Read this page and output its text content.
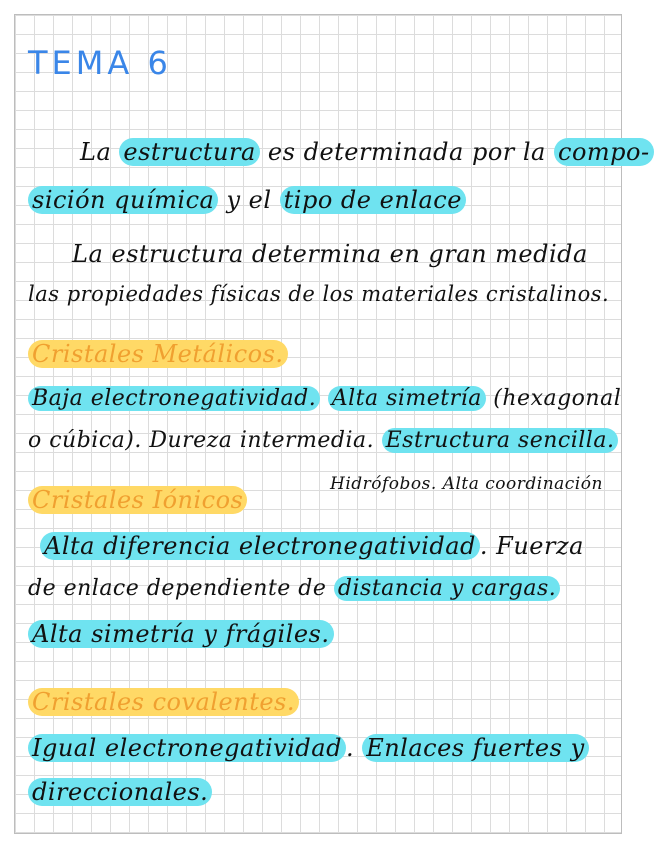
TEMA 6
La estructura es determinada por la compo-
sición química y el tipo de enlace
La estructura determina en gran medida
las propiedades físicas de los materiales cristalinos.
Cristales Metálicos.
Baja electronegatividad. Alta simetría (hexagonal
o cúbica). Dureza intermedia. Estructura sencilla.
Hidrófobos. Alta coordinación
Cristales Iónicos
Alta diferencia electronegatividad . Fuerza
de enlace dependiente de distancia y cargas.
Alta simetría y frágiles.
Cristales covalentes.
Igual electronegatividad . Enlaces fuertes y
direccionales.
